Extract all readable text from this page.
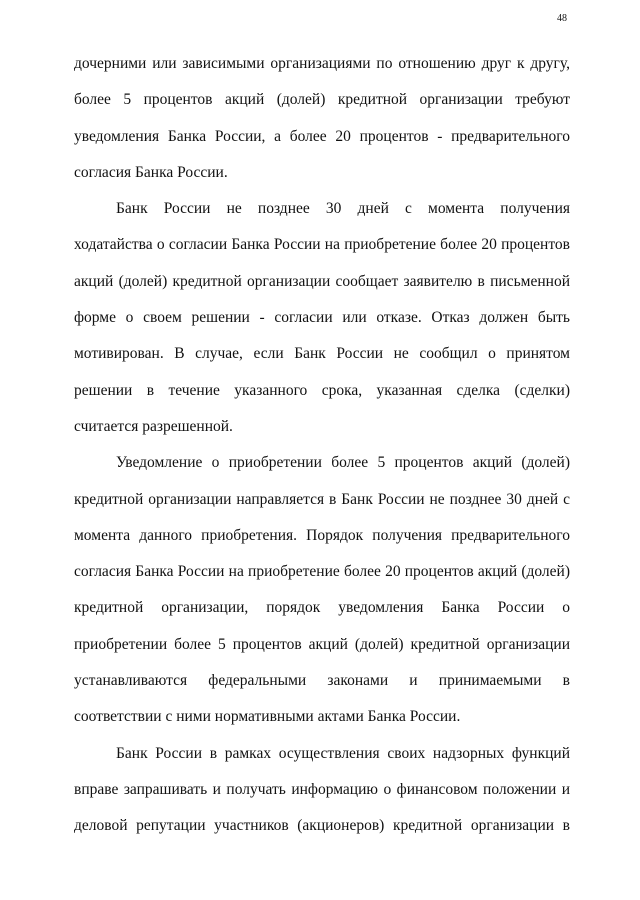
48
дочерними или зависимыми организациями по отношению друг к другу,
более 5 процентов акций (долей) кредитной организации требуют
уведомления Банка России, а более 20 процентов - предварительного
согласия Банка России.
Банк России не позднее 30 дней с момента получения
ходатайства о согласии Банка России на приобретение более 20 процентов
акций (долей) кредитной организации сообщает заявителю в письменной
форме о своем решении - согласии или отказе. Отказ должен быть
мотивирован. В случае, если Банк России не сообщил о принятом
решении в течение указанного срока, указанная сделка (сделки)
считается разрешенной.
Уведомление о приобретении более 5 процентов акций (долей)
кредитной организации направляется в Банк России не позднее 30 дней с
момента данного приобретения. Порядок получения предварительного
согласия Банка России на приобретение более 20 процентов акций (долей)
кредитной организации, порядок уведомления Банка России о
приобретении более 5 процентов акций (долей) кредитной организации
устанавливаются федеральными законами и принимаемыми в
соответствии с ними нормативными актами Банка России.
Банк России в рамках осуществления своих надзорных функций
вправе запрашивать и получать информацию о финансовом положении и
деловой репутации участников (акционеров) кредитной организации в
